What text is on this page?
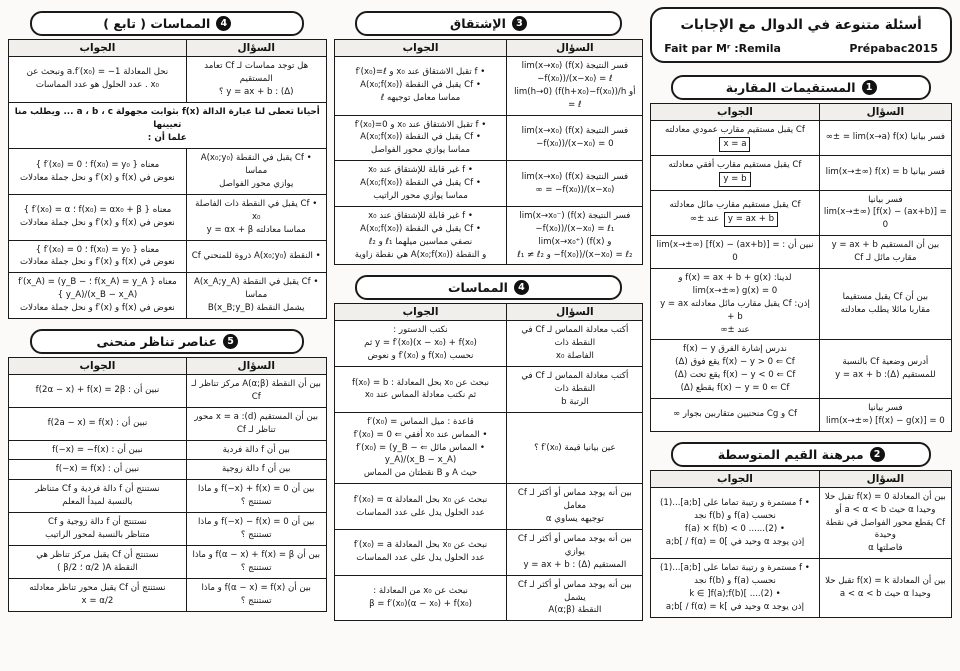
أسئلة متنوعة في الدوال مع الإجابات
Fait par Mʳ :Remila	Prépabac2015
1
المستقيمات المقاربة
السؤال	الجواب
فسر بيانيا lim(x→a) f(x) = ±∞	Cf يقبل مستقيم مقارب عمودي معادلته x = a
فسر بيانيا lim(x→±∞) f(x) = b	Cf يقبل مستقيم مقارب أفقي معادلته y = b
فسر بيانيا
lim(x→±∞) [f(x) − (ax+b)] = 0	Cf يقبل مستقيم مقارب مائل معادلته
y = ax + b عند ±∞
بين أن المستقيم y = ax + b
مقارب مائل لـ Cf	نبين أن : lim(x→±∞) [f(x) − (ax+b)] = 0
بين أن Cf يقبل مستقيما
مقاربا مائلا يطلب معادلته	لدينا: f(x) = ax + b + g(x) و lim(x→±∞) g(x) = 0
إذن: Cf يقبل مقارب مائل معادلته y = ax + b
عند ±∞
أدرس وضعية Cf بالنسبة
للمستقيم (Δ): y = ax + b	ندرس إشارة الفرق f(x) − y
f(x) − y > 0 ⇐ Cf يقع فوق (Δ)
f(x) − y < 0 ⇐ Cf يقع تحت (Δ)
f(x) − y = 0 ⇐ Cf يقطع (Δ)
فسر بيانيا
lim(x→±∞) [f(x) − g(x)] = 0	Cf و Cg منحنيين متقاربين بجوار ∞
2
مبرهنة القيم المتوسطة
السؤال	الجواب
بين أن المعادلة f(x) = 0 تقبل حلا
وحيدا α حيث a < α < b أو
Cf يقطع محور الفواصل في نقطة وحيدة
فاصلتها α	• f مستمرة و رتيبة تماما على [a;b]...(1)
نحسب f(a) و f(b) نجد
• f(a) × f(b) < 0 ......(2)
إذن يوجد α وحيد في ]a;b[ / f(α) = 0
بين أن المعادلة f(x) = k تقبل حلا
وحيدا α حيث a < α < b	• f مستمرة و رتيبة تماما على [a;b]...(1)
نحسب f(a) و f(b) نجد
• k ∈ ]f(a);f(b)[ ....(2)
إذن يوجد α وحيد في ]a;b[ / f(α) = k
3
الإشتقاق
السؤال	الجواب
فسر النتيجة lim(x→x₀) (f(x)−f(x₀))/(x−x₀) = ℓ
أو lim(h→0) (f(h+x₀)−f(x₀))/h = ℓ	• f تقبل الاشتقاق عند x₀ و f′(x₀)=ℓ
• Cf يقبل في النقطة A(x₀;f(x₀))
مماسا معامل توجيهه ℓ
فسر النتيجة lim(x→x₀) (f(x)−f(x₀))/(x−x₀) = 0	• f تقبل الاشتقاق عند x₀ و f′(x₀)=0
• Cf يقبل في النقطة A(x₀;f(x₀))
مماسا يوازي محور الفواصل
فسر النتيجة lim(x→x₀) (f(x)−f(x₀))/(x−x₀) = ∞	• f غير قابلة للإشتقاق عند x₀
• Cf يقبل في النقطة A(x₀;f(x₀))
مماسا يوازي محور الراتيب
فسر النتيجة lim(x→x₀⁻) (f(x)−f(x₀))/(x−x₀) = ℓ₁
و lim(x→x₀⁺) (f(x)−f(x₀))/(x−x₀) = ℓ₂ و ℓ₁ ≠ ℓ₂	• f غير قابلة للإشتقاق عند x₀
• Cf يقبل في النقطة A(x₀;f(x₀))
نصفي مماسين ميلهما ℓ₁ و ℓ₂
و النقطة A(x₀;f(x₀)) هي نقطة زاوية
4
المماسات
السؤال	الجواب
أكتب معادلة المماس لـ Cf في النقطة ذات
الفاصلة x₀	نكتب الدستور :
y = f′(x₀)(x − x₀) + f(x₀) ثم
نحسب f(x₀) و f′(x₀) و نعوض
أكتب معادلة المماس لـ Cf في النقطة ذات
الرتبة b	نبحث عن x₀ بحل المعادلة : f(x₀) = b
ثم نكتب معادلة المماس عند x₀
عين بيانيا قيمة f′(x₀) ؟	قاعدة : ميل المماس = f′(x₀)
• المماس عند x₀ أفقي ⇐ f′(x₀) = 0
• المماس مائل ⇐ f′(x₀) = (y_B − y_A)/(x_B − x_A)
حيث A و B نقطتان من المماس
بين أنه يوجد مماس أو أكثر لـ Cf معامل
توجيهه يساوي α	نبحث عن x₀ بحل المعادلة f′(x₀) = α
عدد الحلول يدل على عدد المماسات
بين أنه يوجد مماس أو أكثر لـ Cf يوازي
المستقيم (Δ) : y = ax + b	نبحث عن x₀ بحل المعادلة f′(x₀) = a
عدد الحلول يدل على عدد المماسات
بين أنه يوجد مماس أو أكثر لـ Cf يشمل
النقطة A(α;β)	نبحث عن x₀ من المعادلة :
β = f′(x₀)(α − x₀) + f(x₀)
4
المماسات ( تابع )
السؤال	الجواب
هل توجد مماسات لـ Cf تعامد المستقيم
(Δ) : y = ax + b ؟	نحل المعادلة a.f′(x₀) = −1 ونبحث عن
x₀ . عدد الحلول هو عدد المماسات
أحيانا تعطى لنا عبارة الدالة f(x) بثوابت مجهولة a ، b ، c ... ويطلب منا تعيينها
علما أن :	
• Cf يقبل في النقطة A(x₀;y₀) مماسا
يوازي محور الفواصل	معناه { f(x₀) = y₀ ؛ f′(x₀) = 0 }
نعوض في f(x) و f′(x) و نحل جملة معادلات
• Cf يقبل في النقطة ذات الفاصلة x₀
مماسا معادلته y = αx + β	معناه { f(x₀) = αx₀ + β ؛ f′(x₀) = α }
نعوض في f(x) و f′(x) و نحل جملة معادلات
• النقطة A(x₀;y₀) ذروة للمنحني Cf	معناه { f(x₀) = y₀ ؛ f′(x₀) = 0 }
نعوض في f(x) و f′(x) و نحل جملة معادلات
• Cf يقبل في النقطة A(x_A;y_A) مماسا
يشمل النقطة B(x_B;y_B)	معناه { f(x_A) = y_A ؛ f′(x_A) = (y_B − y_A)/(x_B − x_A) }
نعوض في f(x) و f′(x) و نحل جملة معادلات
5
عناصر تناظر منحنى
السؤال	الجواب
بين أن النقطة A(α;β) مركز تناظر لـ Cf	نبين أن : f(2α − x) + f(x) = 2β
بين أن المستقيم (d): x = a محور تناظر لـ Cf	نبين أن : f(2a − x) = f(x)
بين أن f دالة فردية	نبين أن : f(−x) = −f(x)
بين أن f دالة زوجية	نبين أن : f(−x) = f(x)
بين أن f(−x) + f(x) = 0 و ماذا تستنتج ؟	نستنتج أن f دالة فردية و Cf متناظر
بالنسبة لمبدأ المعلم
بين أن f(−x) − f(x) = 0 و ماذا تستنتج ؟	نستنتج أن f دالة زوجية و Cf
متناظر بالنسبة لمحور الراتيب
بين أن f(α − x) + f(x) = β و ماذا
تستنتج ؟	نستنتج أن Cf يقبل مركز تناظر هي
النقطة A( α/2 ؛ β/2 )
بين أن f(α − x) = f(x) و ماذا تستنتج ؟	نستنتج أن Cf يقبل محور تناظر معادلته
x = α/2
